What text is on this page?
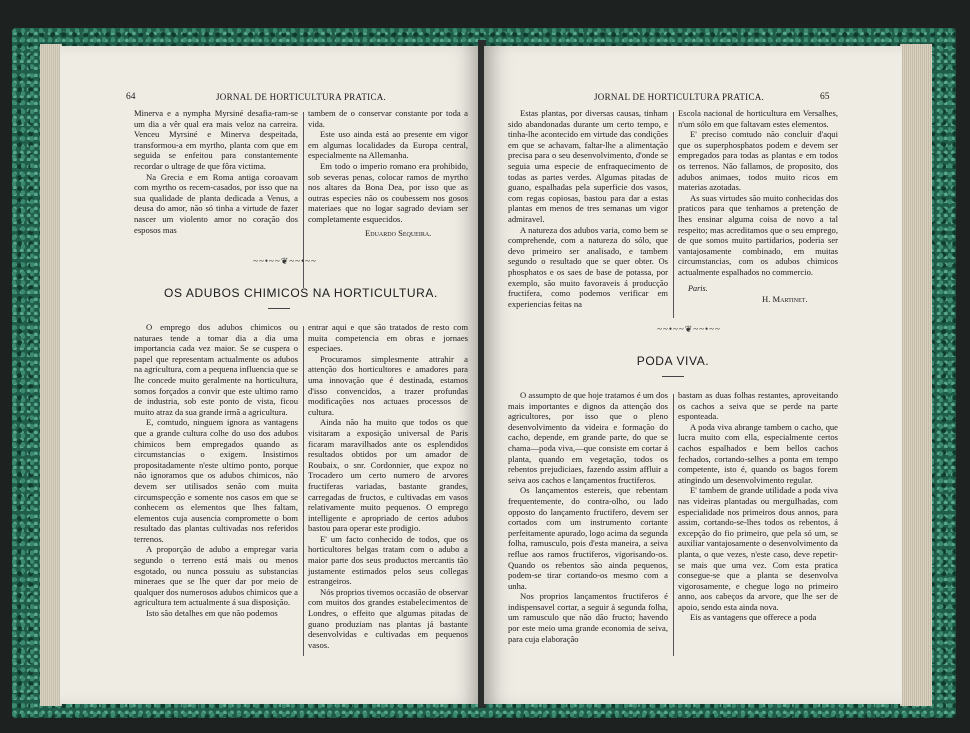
64	JORNAL DE HORTICULTURA PRATICA.

Minerva e a nympha Myrsiné desafia-ram-se um dia a vêr qual era mais veloz na carreira. Venceu Myrsiné e Minerva despeitada, transformou-a em myrtho, planta com que em seguida se enfeitou para constantemente recordar o ultrage de que fôra victima.

Na Grecia e em Roma antiga coroavam com myrtho os recem-casados, por isso que na sua qualidade de planta dedicada a Venus, a deusa do amor, não só tinha a virtude de fazer nascer um violento amor no coração dos esposos mas

tambem de o conservar constante por toda a vida.

Este uso ainda está ao presente em vigor em algumas localidades da Europa central, especialmente na Allemanha.

Em todo o imperio romano era prohibido, sob severas penas, colocar ramos de myrtho nos altares da Bona Dea, por isso que as outras especies não os coubessem nos gosos materiaes que no logar sagrado deviam ser completamente esquecidos.

Eduardo Sequeira.
~~•~~❦~~•~~
OS ADUBOS CHIMICOS NA HORTICULTURA.

O emprego dos adubos chimicos ou naturaes tende a tomar dia a dia uma importancia cada vez maior. Se se cuspera o papel que representam actualmente os adubos na agricultura, com a pequena influencia que se lhe concede muito geralmente na horticultura, somos forçados a convir que este ultimo ramo de industria, sob este ponto de vista, ficou muito atraz da sua grande irmã a agricultura.

E, comtudo, ninguem ignora as vantagens que a grande cultura colhe do uso dos adubos chimicos bem empregados quando as circumstancias o exigem. Insistimos propositadamente n'este ultimo ponto, porque não ignoramos que os adubos chimicos, não devem ser utilisados senão com muita circumspecção e somente nos casos em que se conhecem os elementos que lhes faltam, elementos cuja ausencia compromette o bom resultado das plantas cultivadas nos referidos terrenos.

A proporção de adubo a empregar varia segundo o terreno está mais ou menos esgotado, ou nunca possuiu as substancias mineraes que se lhe quer dar por meio de qualquer dos numerosos adubos chimicos que a agricultura tem actualmente á sua disposição.

Isto são detalhes em que não podemos

entrar aqui e que são tratados de resto com muita competencia em obras e jornaes especiaes.

Procuramos simplesmente attrahir a attenção dos horticultores e amadores para uma innovação que é destinada, estamos d'isso convencidos, a trazer profundas modificações nos actuaes processos de cultura.

Ainda não ha muito que todos os que visitaram a exposição universal de Paris ficaram maravilhados ante os esplendidos resultados obtidos por um amador de Roubaix, o snr. Cordonnier, que expoz no Trocadero um certo numero de arvores fructiferas variadas, bastante grandes, carregadas de fructos, e cultivadas em vasos relativamente muito pequenos. O emprego intelligente e apropriado de certos adubos bastou para operar este prodigio.

E' um facto conhecido de todos, que os horticultores belgas tratam com o adubo a maior parte dos seus productos mercantis tão justamente estimados pelos seus collegas estrangeiros.

Nós proprios tivemos occasião de observar com muitos dos grandes estabelecimentos de Londres, o effeito que algumas pitadas de guano produziam nas plantas já bastante desenvolvidas e cultivadas em pequenos vasos.

JORNAL DE HORTICULTURA PRATICA.	65

Estas plantas, por diversas causas, tinham sido abandonadas durante um certo tempo, e tinha-lhe acontecido em virtude das condições em que se achavam, faltar-lhe a alimentação precisa para o seu desenvolvimento, d'onde se seguia uma especie de enfraquecimento de todas as partes verdes. Algumas pitadas de guano, espalhadas pela superficie dos vasos, com regas copiosas, bastou para dar a estas plantas em menos de tres semanas um vigor admiravel.

A natureza dos adubos varia, como bem se comprehende, com a natureza do sólo, que devo primeiro ser analisado, e tambem segundo o resultado que se quer obter. Os phosphatos e os saes de base de potassa, por exemplo, são muito favoraveis á producção fructifera, como podemos verificar em experiencias feitas na

Escola nacional de horticultura em Versalhes, n'um sólo em que faltavam estes elementos.

E' preciso comtudo não concluir d'aqui que os superphosphatos podem e devem ser empregados para todas as plantas e em todos os terrenos. Não fallamos, de proposito, dos adubos animaes, todos muito ricos em materias azotadas.

As suas virtudes são muito conhecidas dos praticos para que tenhamos a pretenção de lhes ensinar alguma coisa de novo a tal respeito; mas acreditamos que o seu emprego, de que somos muito partidarios, poderia ser vantajosamente combinado, em muitas circumstancias, com os adubos chimicos actualmente espalhados no commercio.

Paris.
H. Martinet.
~~•~~❦~~•~~
PODA VIVA.

O assumpto de que hoje tratamos é um dos mais importantes e dignos da attenção dos agricultores, por isso que o pleno desenvolvimento da videira e formação do cacho, depende, em grande parte, do que se chama—poda viva,—que consiste em cortar á planta, quando em vegetação, todos os rebentos prejudiciaes, fazendo assim affluir a seiva aos cachos e lançamentos fructiferos.

Os lançamentos estereis, que rebentam frequentemente, do contra-olho, ou lado opposto do lançamento fructifero, devem ser cortados com um instrumento cortante perfeitamente apurado, logo acima da segunda folha, ramusculo, pois d'esta maneira, a seiva reflue aos ramos fructiferos, vigorisando-os. Quando os rebentos são ainda pequenos, podem-se tirar cortando-os mesmo com a unha.

Nos proprios lançamentos fructiferos é indispensavel cortar, a seguir á segunda folha, um ramusculo que não dão fructo; havendo por este meio uma grande economia de seiva, para cuja elaboração

bastam as duas folhas restantes, aproveitando os cachos a seiva que se perde na parte esponteada.

A poda viva abrange tambem o cacho, que lucra muito com ella, especialmente certos cachos espalhados e bem bellos cachos fechados, cortando-selhes a ponta em tempo competente, isto é, quando os bagos forem atingindo um desenvolvimento regular.

E' tambem de grande utilidade a poda viva nas videiras plantadas ou merguIhadas, com especialidade nos primeiros dous annos, para assim, cortando-se-lhes todos os rebentos, á excepção do fio primeiro, que pela só um, se auxiliar vantajosamente o desenvolvimento da planta, o que vezes, n'este caso, deve repetir-se mais que uma vez. Com esta pratica consegue-se que a planta se desenvolva vigorosamente, e chegue logo no primeiro anno, aos cabeços da arvore, que lhe ser de apoio, sendo esta ainda nova.

Eis as vantagens que offerece a poda
